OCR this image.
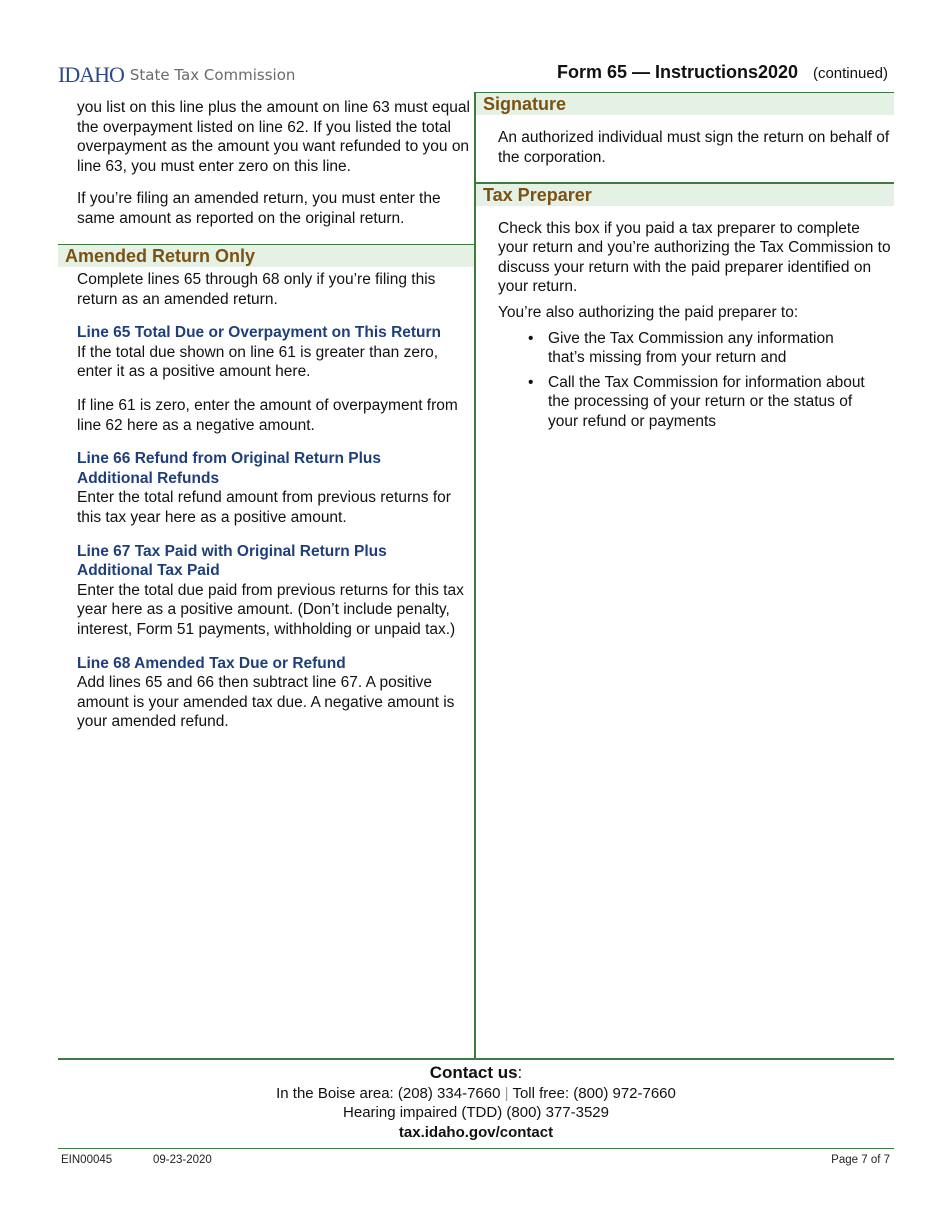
IDAHO State Tax Commission	Form 65 — Instructions 2020 (continued)

you list on this line plus the amount on line 63 must equal the overpayment listed on line 62. If you listed the total overpayment as the amount you want refunded to you on line 63, you must enter zero on this line.

If you’re filing an amended return, you must enter the same amount as reported on the original return.

Amended Return Only

Complete lines 65 through 68 only if you’re filing this return as an amended return.

Line 65 Total Due or Overpayment on This Return

If the total due shown on line 61 is greater than zero, enter it as a positive amount here.

If line 61 is zero, enter the amount of overpayment from line 62 here as a negative amount.

Line 66 Refund from Original Return Plus Additional Refunds

Enter the total refund amount from previous returns for this tax year here as a positive amount.

Line 67 Tax Paid with Original Return Plus Additional Tax Paid

Enter the total due paid from previous returns for this tax year here as a positive amount. (Don’t include penalty, interest, Form 51 payments, withholding or unpaid tax.)

Line 68 Amended Tax Due or Refund

Add lines 65 and 66 then subtract line 67. A positive amount is your amended tax due. A negative amount is your amended refund.

Signature

An authorized individual must sign the return on behalf of the corporation.

Tax Preparer

Check this box if you paid a tax preparer to complete your return and you’re authorizing the Tax Commission to discuss your return with the paid preparer identified on your return.

You’re also authorizing the paid preparer to:

• Give the Tax Commission any information that’s missing from your return and
• Call the Tax Commission for information about the processing of your return or the status of your refund or payments
Contact us:
In the Boise area: (208) 334-7660 | Toll free: (800) 972-7660
Hearing impaired (TDD) (800) 377-3529
tax.idaho.gov/contact
EIN00045	09-23-2020	Page 7 of 7
